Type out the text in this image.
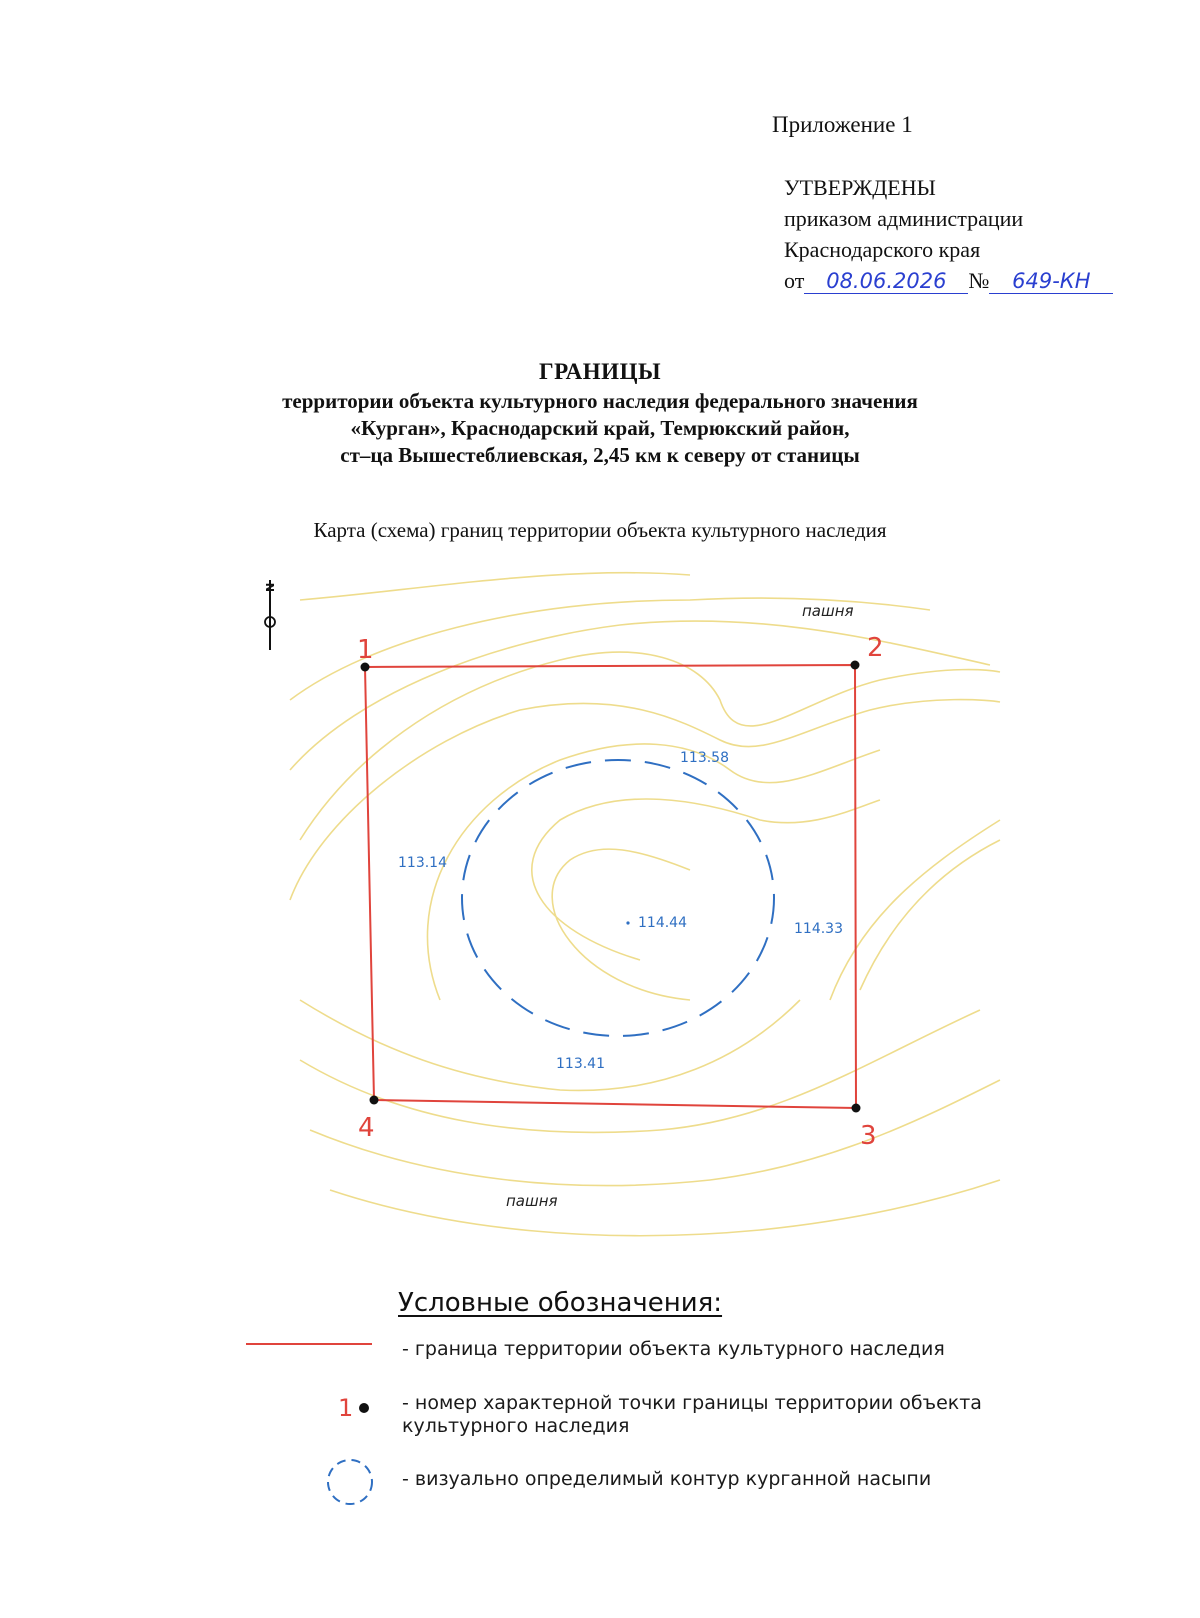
Приложение 1
УТВЕРЖДЕНЫ
приказом администрации
Краснодарского края
от 08.06.2026 № 649-КН
ГРАНИЦЫ
территории объекта культурного наследия федерального значения
«Курган», Краснодарский край, Темрюкский район,
ст–ца Вышестеблиевская, 2,45 км к северу от станицы
Карта (схема) границ территории объекта культурного наследия
N
1	2
3
4
113.58
113.14
114.44	114.33
113.41
пашня
пашня
Условные обозначения:
- граница территории объекта культурного наследия
1	- номер характерной точки границы территории объекта культурного наследия
- визуально определимый контур курганной насыпи
